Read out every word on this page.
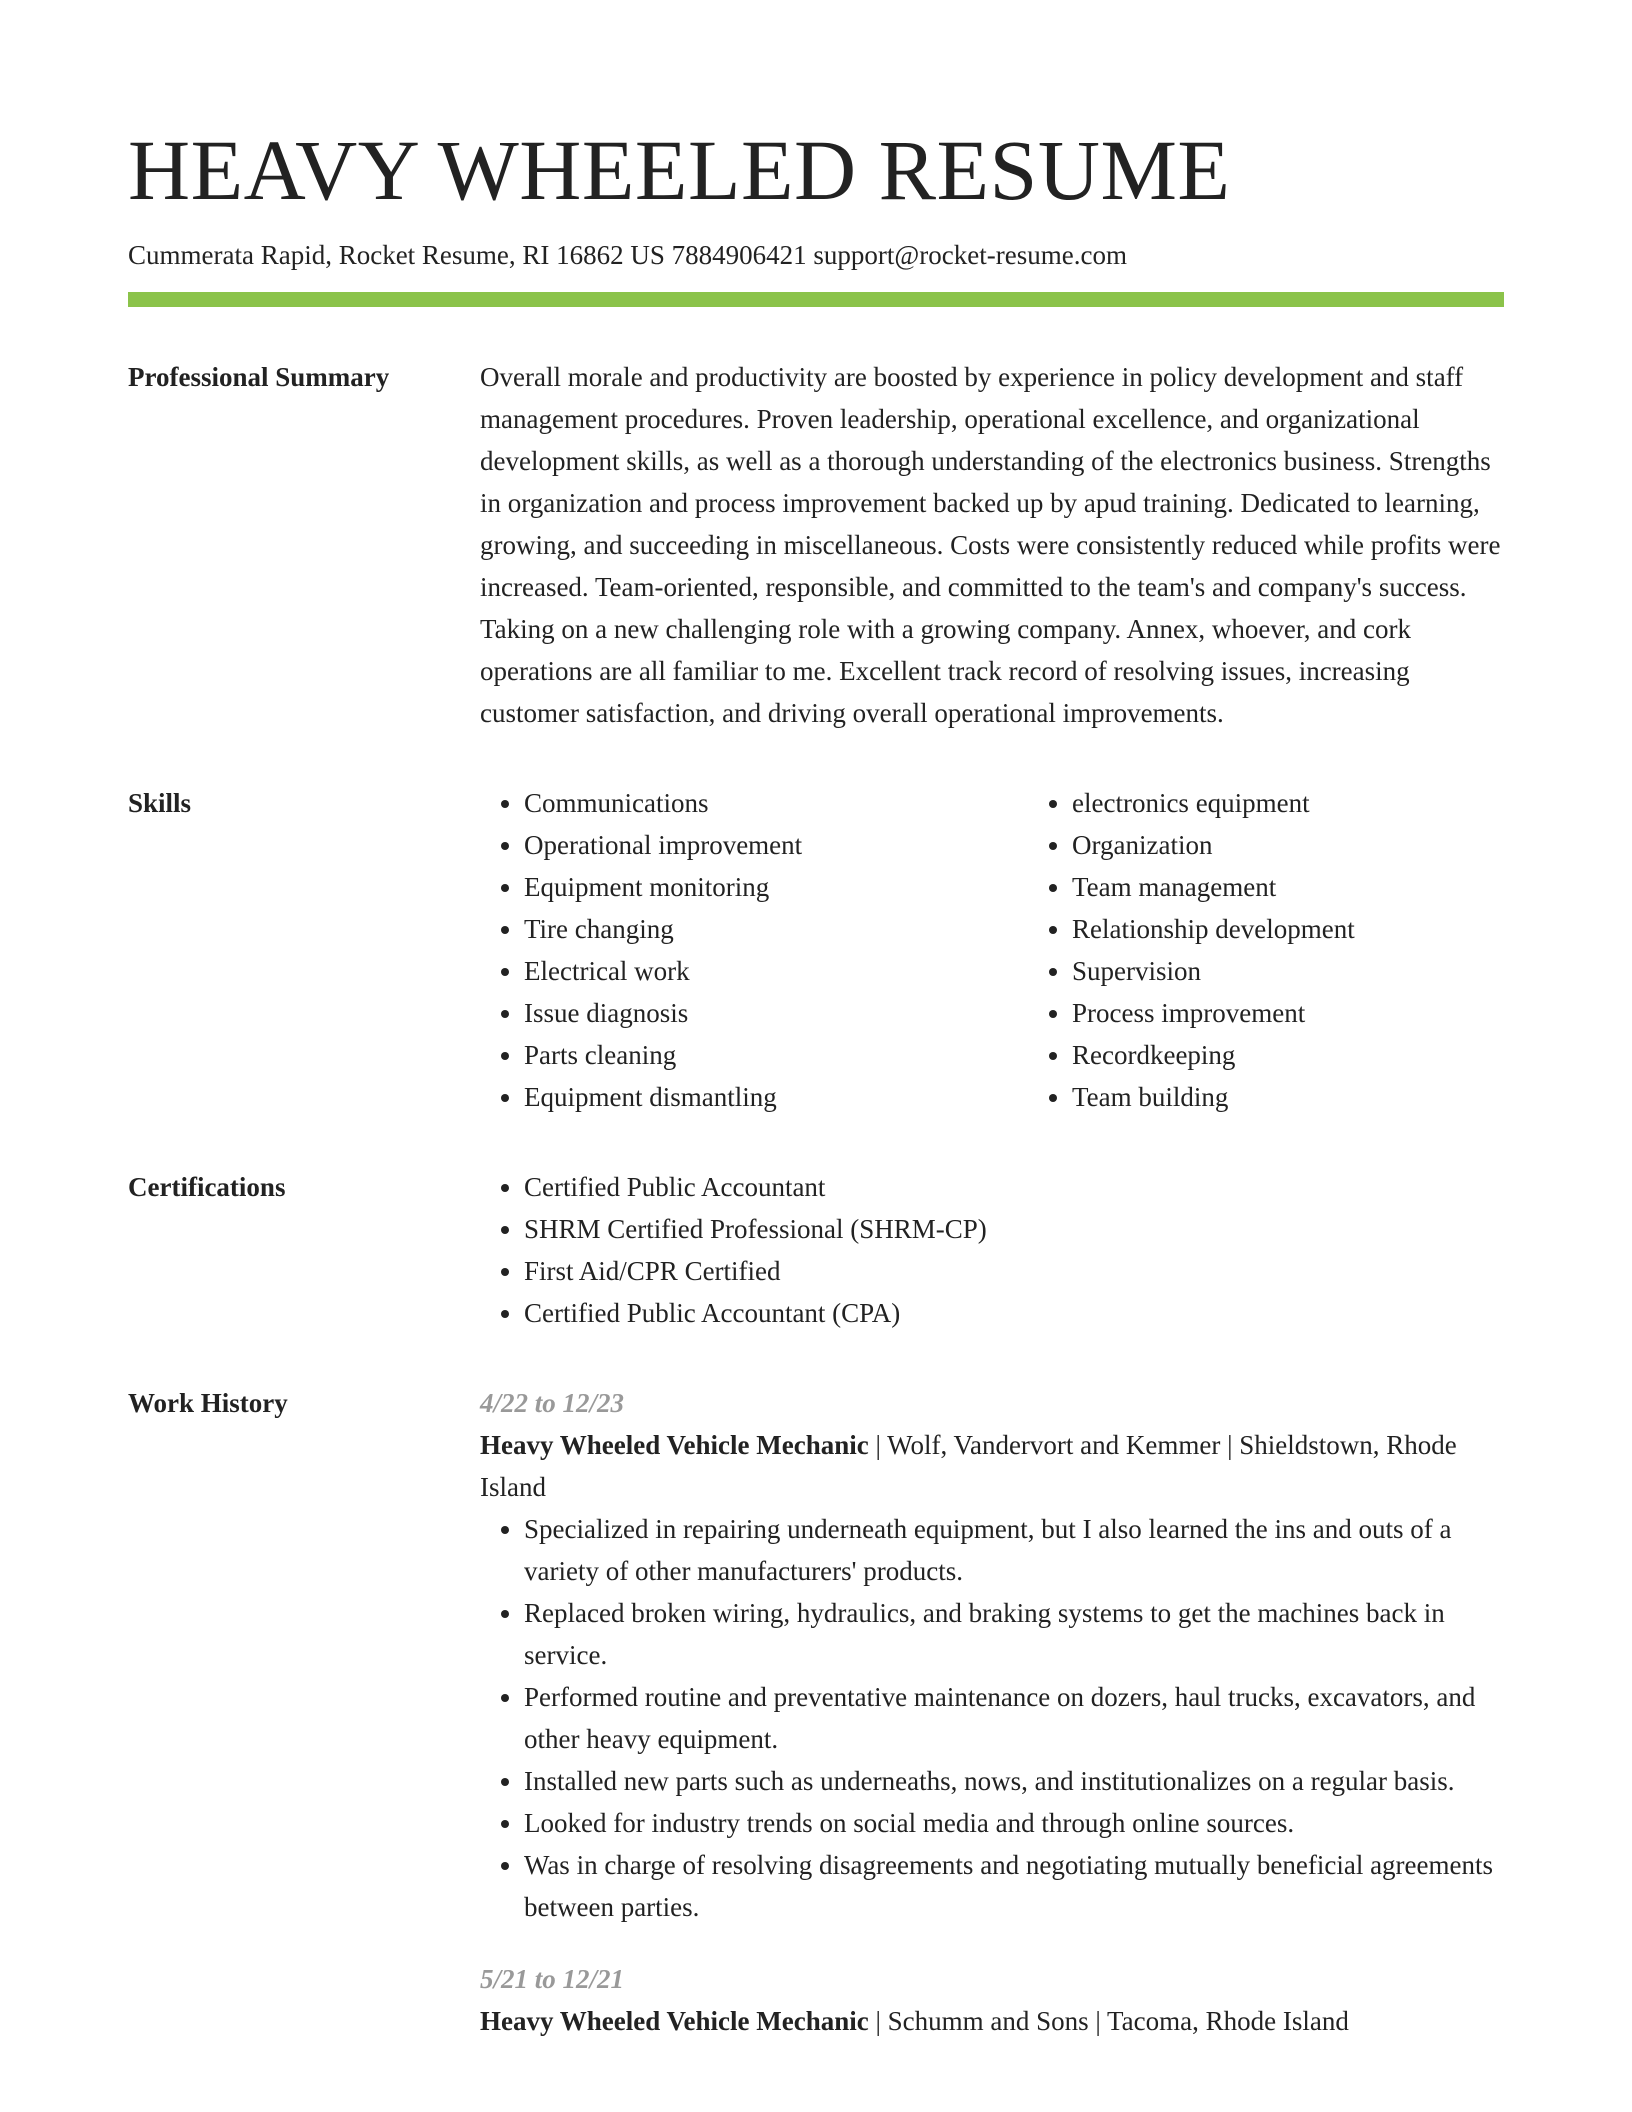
HEAVY WHEELED RESUME
Cummerata Rapid, Rocket Resume, RI 16862 US 7884906421 support@rocket-resume.com
Professional Summary	Overall morale and productivity are boosted by experience in policy development and staff management procedures. Proven leadership, operational excellence, and organizational development skills, as well as a thorough understanding of the electronics business. Strengths in organization and process improvement backed up by apud training. Dedicated to learning, growing, and succeeding in miscellaneous. Costs were consistently reduced while profits were increased. Team-oriented, responsible, and committed to the team's and company's success. Taking on a new challenging role with a growing company. Annex, whoever, and cork operations are all familiar to me. Excellent track record of resolving issues, increasing customer satisfaction, and driving overall operational improvements.

Skills	• Communications
• Operational improvement
• Equipment monitoring
• Tire changing
• Electrical work
• Issue diagnosis
• Parts cleaning
• Equipment dismantling
• electronics equipment
• Organization
• Team management
• Relationship development
• Supervision
• Process improvement
• Recordkeeping
• Team building
Certifications	• Certified Public Accountant
• SHRM Certified Professional (SHRM-CP)
• First Aid/CPR Certified
• Certified Public Accountant (CPA)
Work History	4/22 to 12/23
Heavy Wheeled Vehicle Mechanic | Wolf, Vandervort and Kemmer | Shieldstown, Rhode Island
• Specialized in repairing underneath equipment, but I also learned the ins and outs of a variety of other manufacturers' products.
• Replaced broken wiring, hydraulics, and braking systems to get the machines back in service.
• Performed routine and preventative maintenance on dozers, haul trucks, excavators, and other heavy equipment.
• Installed new parts such as underneaths, nows, and institutionalizes on a regular basis.
• Looked for industry trends on social media and through online sources.
• Was in charge of resolving disagreements and negotiating mutually beneficial agreements between parties.
5/21 to 12/21
Heavy Wheeled Vehicle Mechanic | Schumm and Sons | Tacoma, Rhode Island
